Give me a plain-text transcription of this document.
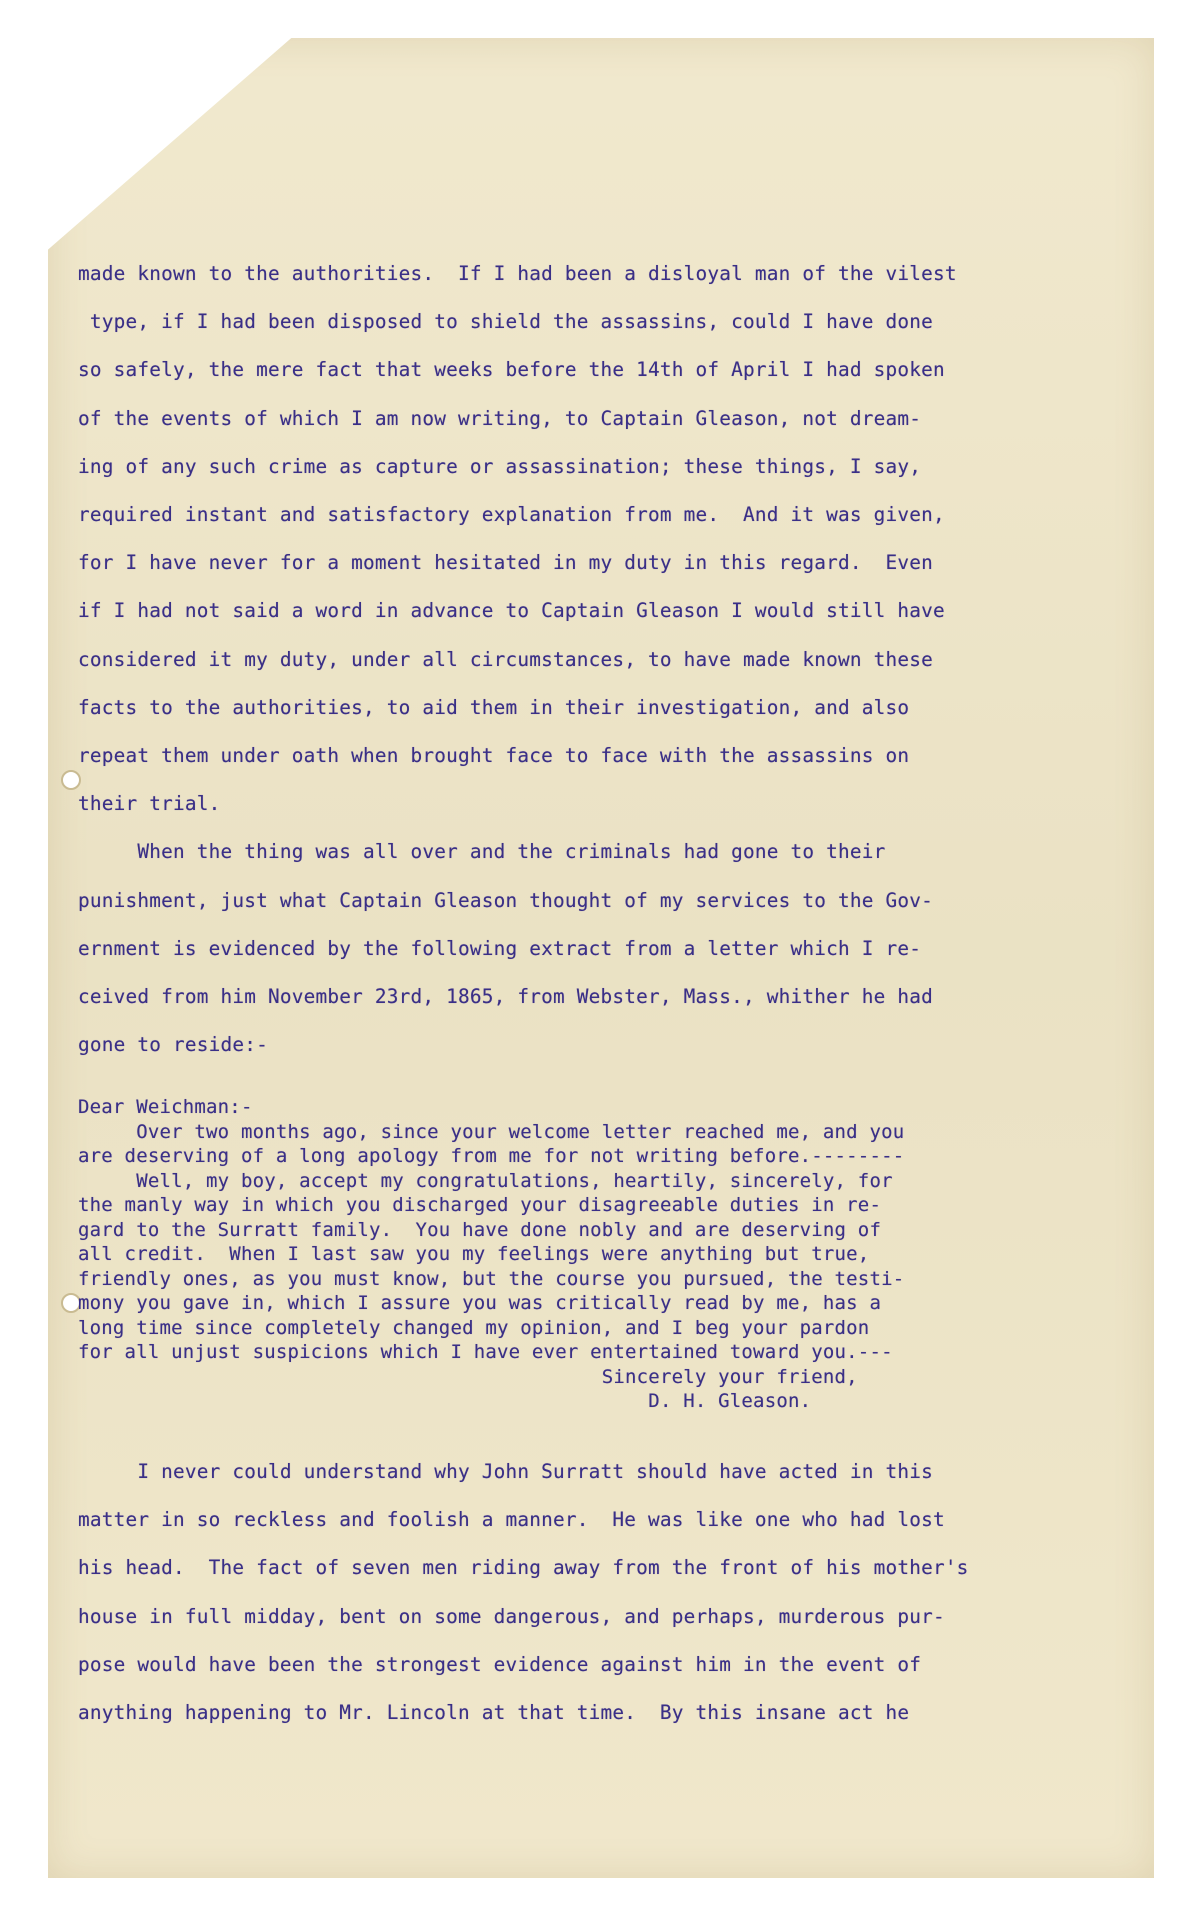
made known to the authorities.  If I had been a disloyal man of the vilest

type, if I had been disposed to shield the assassins, could I have done

so safely, the mere fact that weeks before the 14th of April I had spoken

of the events of which I am now writing, to Captain Gleason, not dream-

ing of any such crime as capture or assassination; these things, I say,

required instant and satisfactory explanation from me.  And it was given,

for I have never for a moment hesitated in my duty in this regard.  Even

if I had not said a word in advance to Captain Gleason I would still have

considered it my duty, under all circumstances, to have made known these

facts to the authorities, to aid them in their investigation, and also

repeat them under oath when brought face to face with the assassins on

their trial.

When the thing was all over and the criminals had gone to their

punishment, just what Captain Gleason thought of my services to the Gov-

ernment is evidenced by the following extract from a letter which I re-

ceived from him November 23rd, 1865, from Webster, Mass., whither he had

gone to reside:-

Dear Weichman:-

Over two months ago, since your welcome letter reached me, and you

are deserving of a long apology from me for not writing before.--------

Well, my boy, accept my congratulations, heartily, sincerely, for

the manly way in which you discharged your disagreeable duties in re-

gard to the Surratt family.  You have done nobly and are deserving of

all credit.  When I last saw you my feelings were anything but true,

friendly ones, as you must know, but the course you pursued, the testi-

mony you gave in, which I assure you was critically read by me, has a

long time since completely changed my opinion, and I beg your pardon

for all unjust suspicions which I have ever entertained toward you.---

Sincerely your friend,

D. H. Gleason.

I never could understand why John Surratt should have acted in this

matter in so reckless and foolish a manner.  He was like one who had lost

his head.  The fact of seven men riding away from the front of his mother's

house in full midday, bent on some dangerous, and perhaps, murderous pur-

pose would have been the strongest evidence against him in the event of

anything happening to Mr. Lincoln at that time.  By this insane act he
